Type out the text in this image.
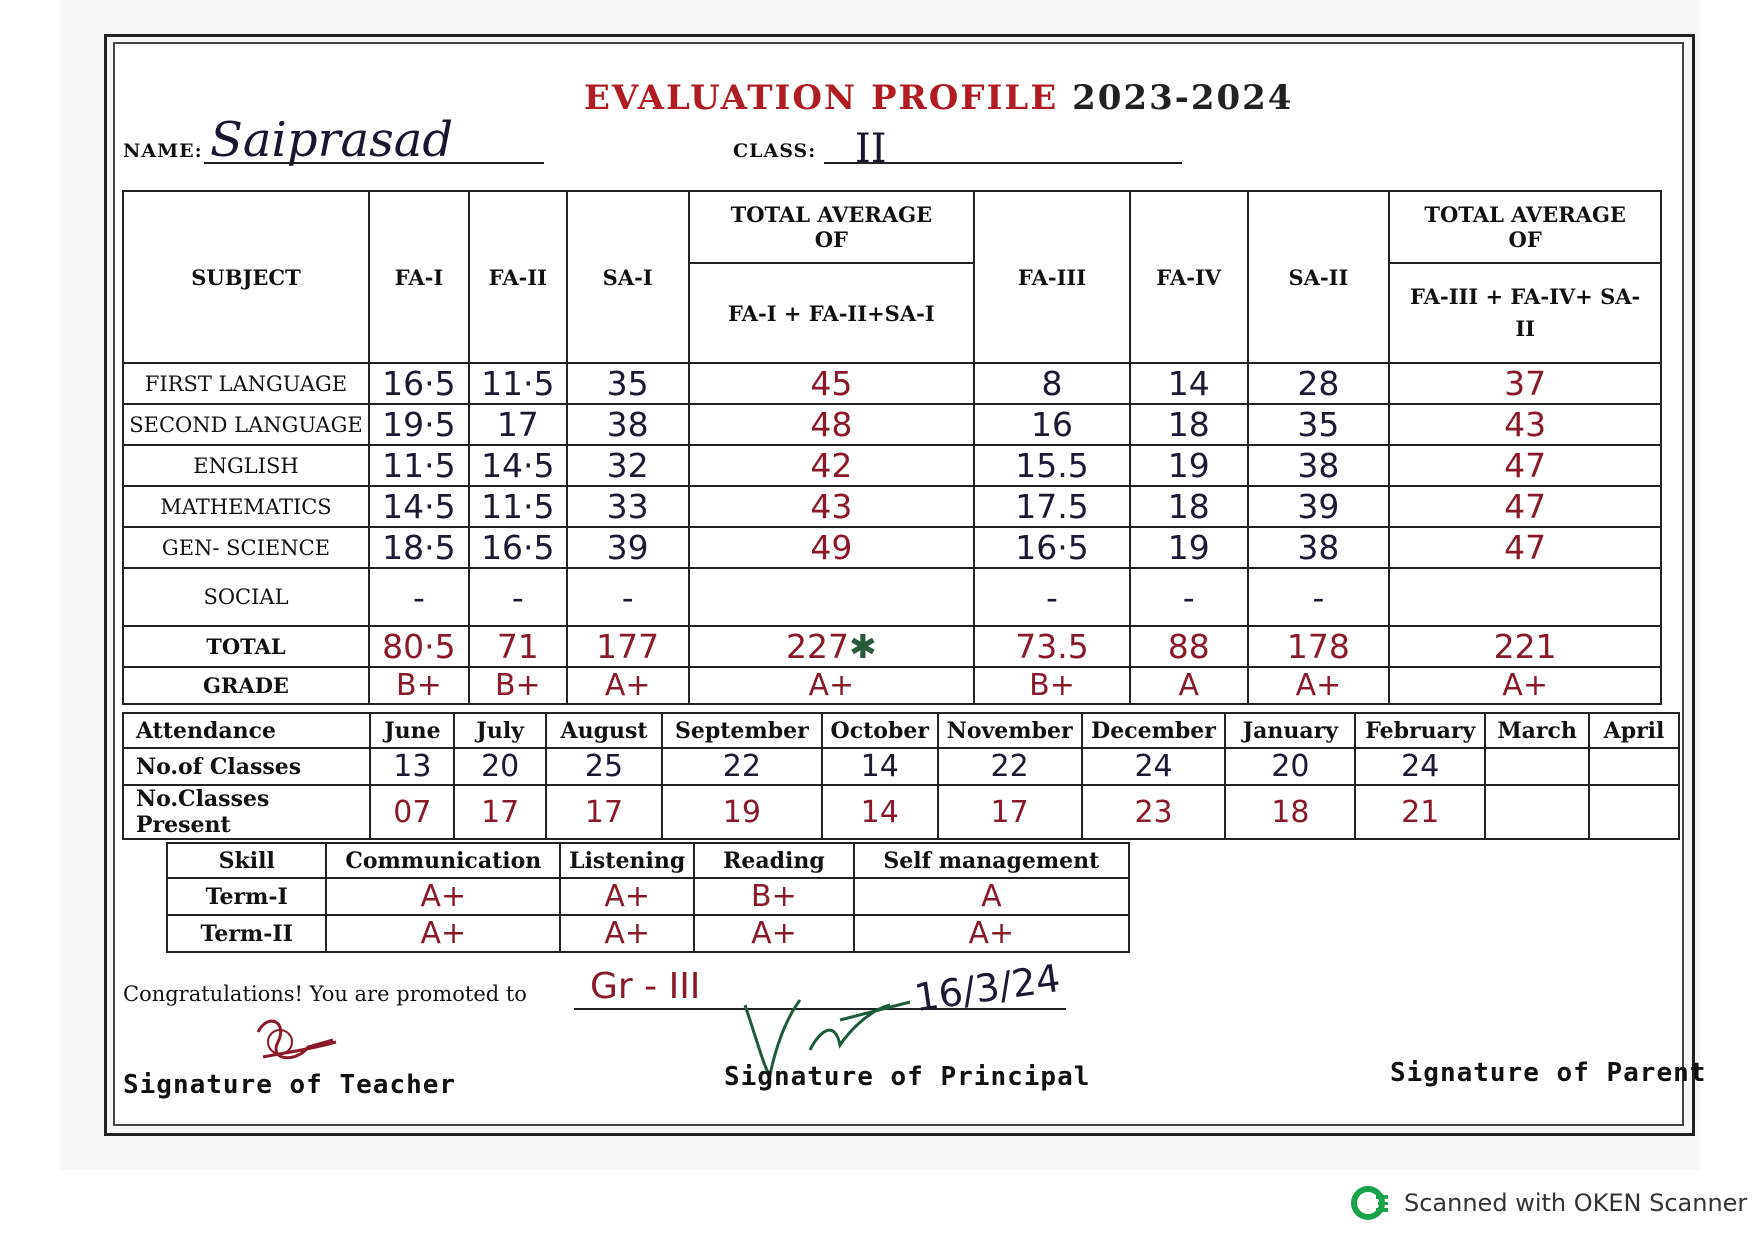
EVALUATION PROFILE 2023-2024
NAME: Saiprasad	CLASS: II
SUBJECT	FA-I	FA-II	SA-I	TOTAL AVERAGE OF	FA-III	FA-IV	SA-II	TOTAL AVERAGE OF
				FA-I + FA-II+SA-I				FA-III + FA-IV+ SA-II
FIRST LANGUAGE	16·5	11·5	35	45	8	14	28	37
SECOND LANGUAGE	19·5	17	38	48	16	18	35	43
ENGLISH	11·5	14·5	32	42	15.5	19	38	47
MATHEMATICS	14·5	11·5	33	43	17.5	18	39	47
GEN- SCIENCE	18·5	16·5	39	49	16·5	19	38	47
SOCIAL	-	-	-		-	-	-	
TOTAL	80·5	71	177	227✱	73.5	88	178	221
GRADE	B+	B+	A+	A+	B+	A	A+	A+
Attendance	June	July	August	September	October	November	December	January	February	March	April
No.of Classes	13	20	25	22	14	22	24	20	24		
No.Classes Present	07	17	17	19	14	17	23	18	21		
Skill	Communication	Listening	Reading	Self management
Term-I	A+	A+	B+	A
Term-II	A+	A+	A+	A+
Congratulations! You are promoted to Gr - III	16/3/24
Signature of Teacher	Signature of Principal	Signature of Parent
Scanned with OKEN Scanner
